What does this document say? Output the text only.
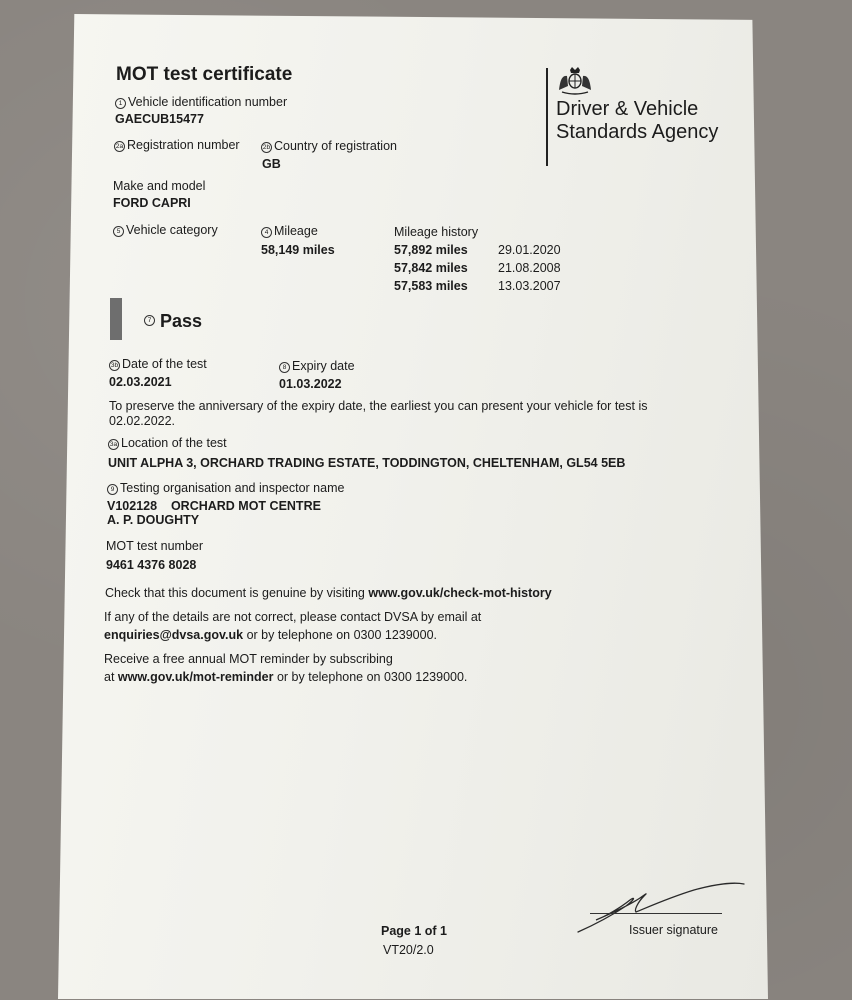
MOT test certificate
Driver & Vehicle Standards Agency
1 Vehicle identification number
GAECUB15477
2a Registration number	2b Country of registration
GB
Make and model
FORD CAPRI
5 Vehicle category	4 Mileage
58,149 miles
Mileage history
57,892 miles 29.01.2020
57,842 miles 21.08.2008
57,583 miles 13.03.2007
7 Pass
3b Date of the test
02.03.2021
8 Expiry date
01.03.2022
To preserve the anniversary of the expiry date, the earliest you can present your vehicle for test is
02.02.2022.
3a Location of the test
UNIT ALPHA 3, ORCHARD TRADING ESTATE, TODDINGTON, CHELTENHAM, GL54 5EB
9 Testing organisation and inspector name
V102128    ORCHARD MOT CENTRE
A. P. DOUGHTY
MOT test number
9461 4376 8028
Check that this document is genuine by visiting www.gov.uk/check-mot-history
If any of the details are not correct, please contact DVSA by email at
enquiries@dvsa.gov.uk or by telephone on 0300 1239000.
Receive a free annual MOT reminder by subscribing
at www.gov.uk/mot-reminder or by telephone on 0300 1239000.
Page 1 of 1
VT20/2.0
Issuer signature
